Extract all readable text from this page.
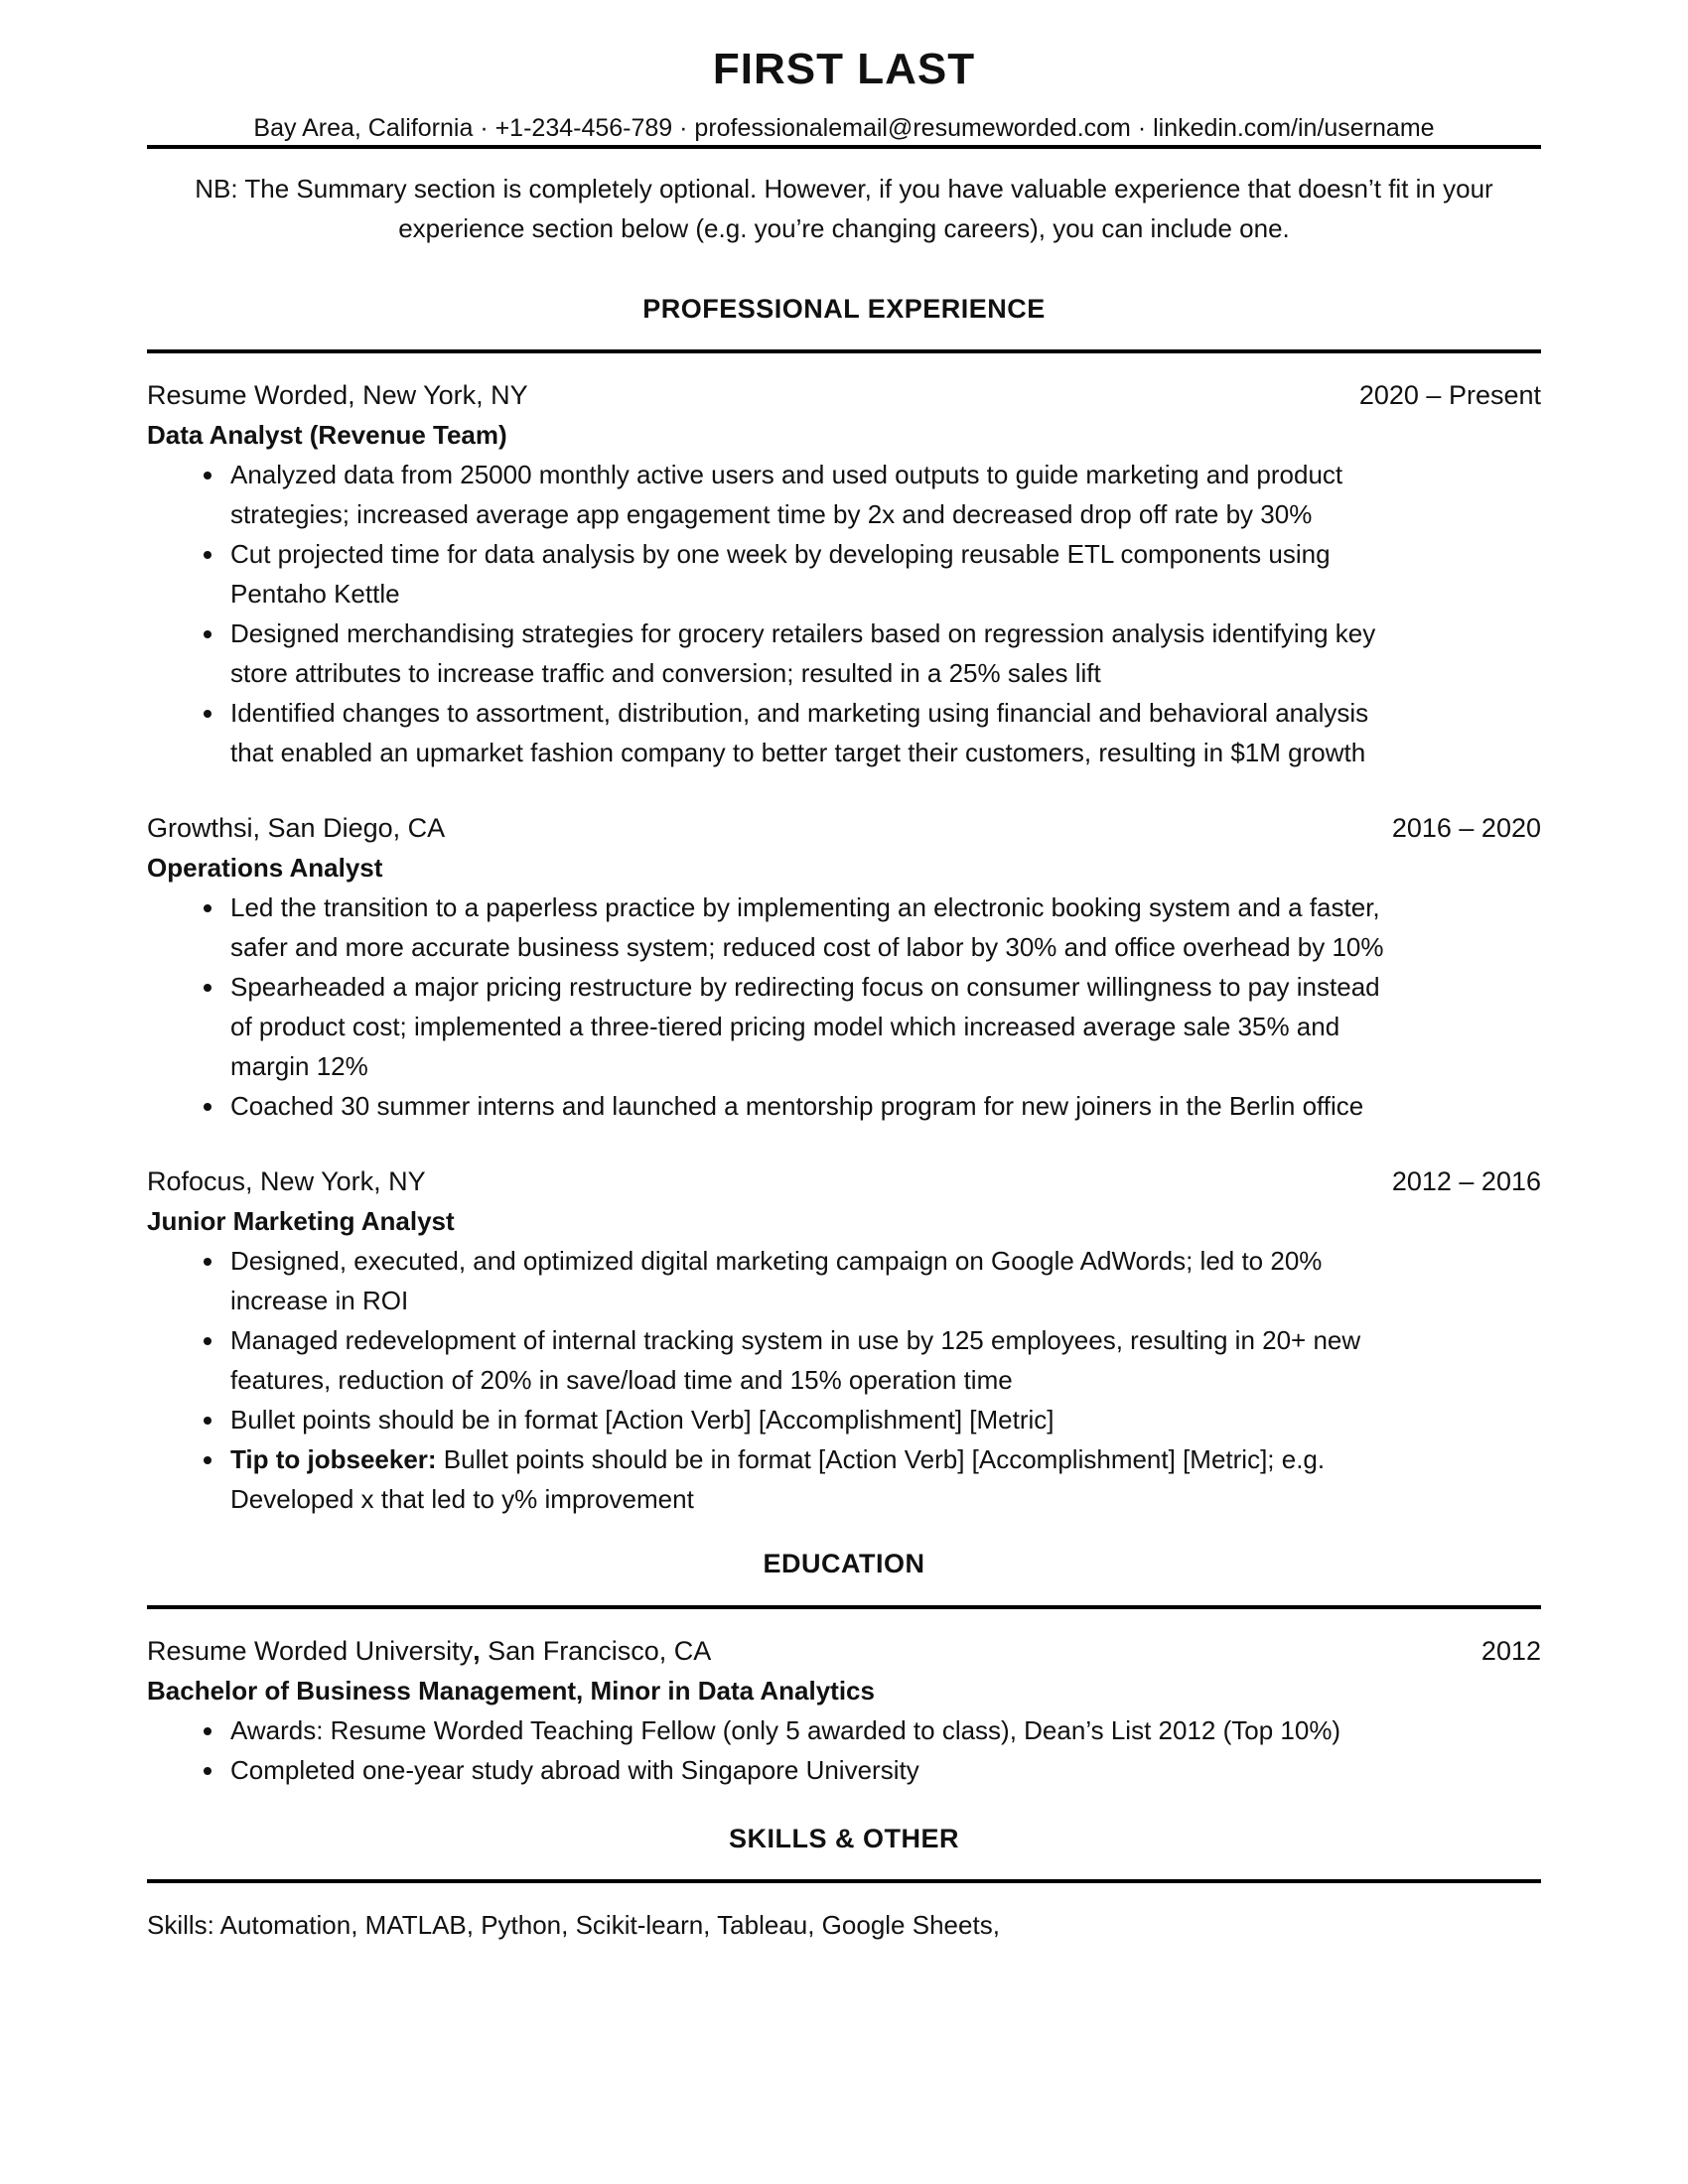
FIRST LAST
Bay Area, California · +1-234-456-789 · professionalemail@resumeworded.com · linkedin.com/in/username

NB: The Summary section is completely optional. However, if you have valuable experience that doesn’t fit in your experience section below (e.g. you’re changing careers), you can include one.

PROFESSIONAL EXPERIENCE
Resume Worded, New York, NY	2020 – Present
Data Analyst (Revenue Team)
• Analyzed data from 25000 monthly active users and used outputs to guide marketing and product strategies; increased average app engagement time by 2x and decreased drop off rate by 30%
• Cut projected time for data analysis by one week by developing reusable ETL components using Pentaho Kettle
• Designed merchandising strategies for grocery retailers based on regression analysis identifying key store attributes to increase traffic and conversion; resulted in a 25% sales lift
• Identified changes to assortment, distribution, and marketing using financial and behavioral analysis that enabled an upmarket fashion company to better target their customers, resulting in $1M growth
Growthsi, San Diego, CA	2016 – 2020
Operations Analyst
• Led the transition to a paperless practice by implementing an electronic booking system and a faster, safer and more accurate business system; reduced cost of labor by 30% and office overhead by 10%
• Spearheaded a major pricing restructure by redirecting focus on consumer willingness to pay instead of product cost; implemented a three-tiered pricing model which increased average sale 35% and margin 12%
• Coached 30 summer interns and launched a mentorship program for new joiners in the Berlin office
Rofocus, New York, NY	2012 – 2016
Junior Marketing Analyst
• Designed, executed, and optimized digital marketing campaign on Google AdWords; led to 20% increase in ROI
• Managed redevelopment of internal tracking system in use by 125 employees, resulting in 20+ new features, reduction of 20% in save/load time and 15% operation time
• Bullet points should be in format [Action Verb] [Accomplishment] [Metric]
• Tip to jobseeker: Bullet points should be in format [Action Verb] [Accomplishment] [Metric]; e.g. Developed x that led to y% improvement
EDUCATION
Resume Worded University, San Francisco, CA	2012
Bachelor of Business Management, Minor in Data Analytics
• Awards: Resume Worded Teaching Fellow (only 5 awarded to class), Dean’s List 2012 (Top 10%)
• Completed one-year study abroad with Singapore University
SKILLS & OTHER
Skills: Automation, MATLAB, Python, Scikit-learn, Tableau, Google Sheets,
